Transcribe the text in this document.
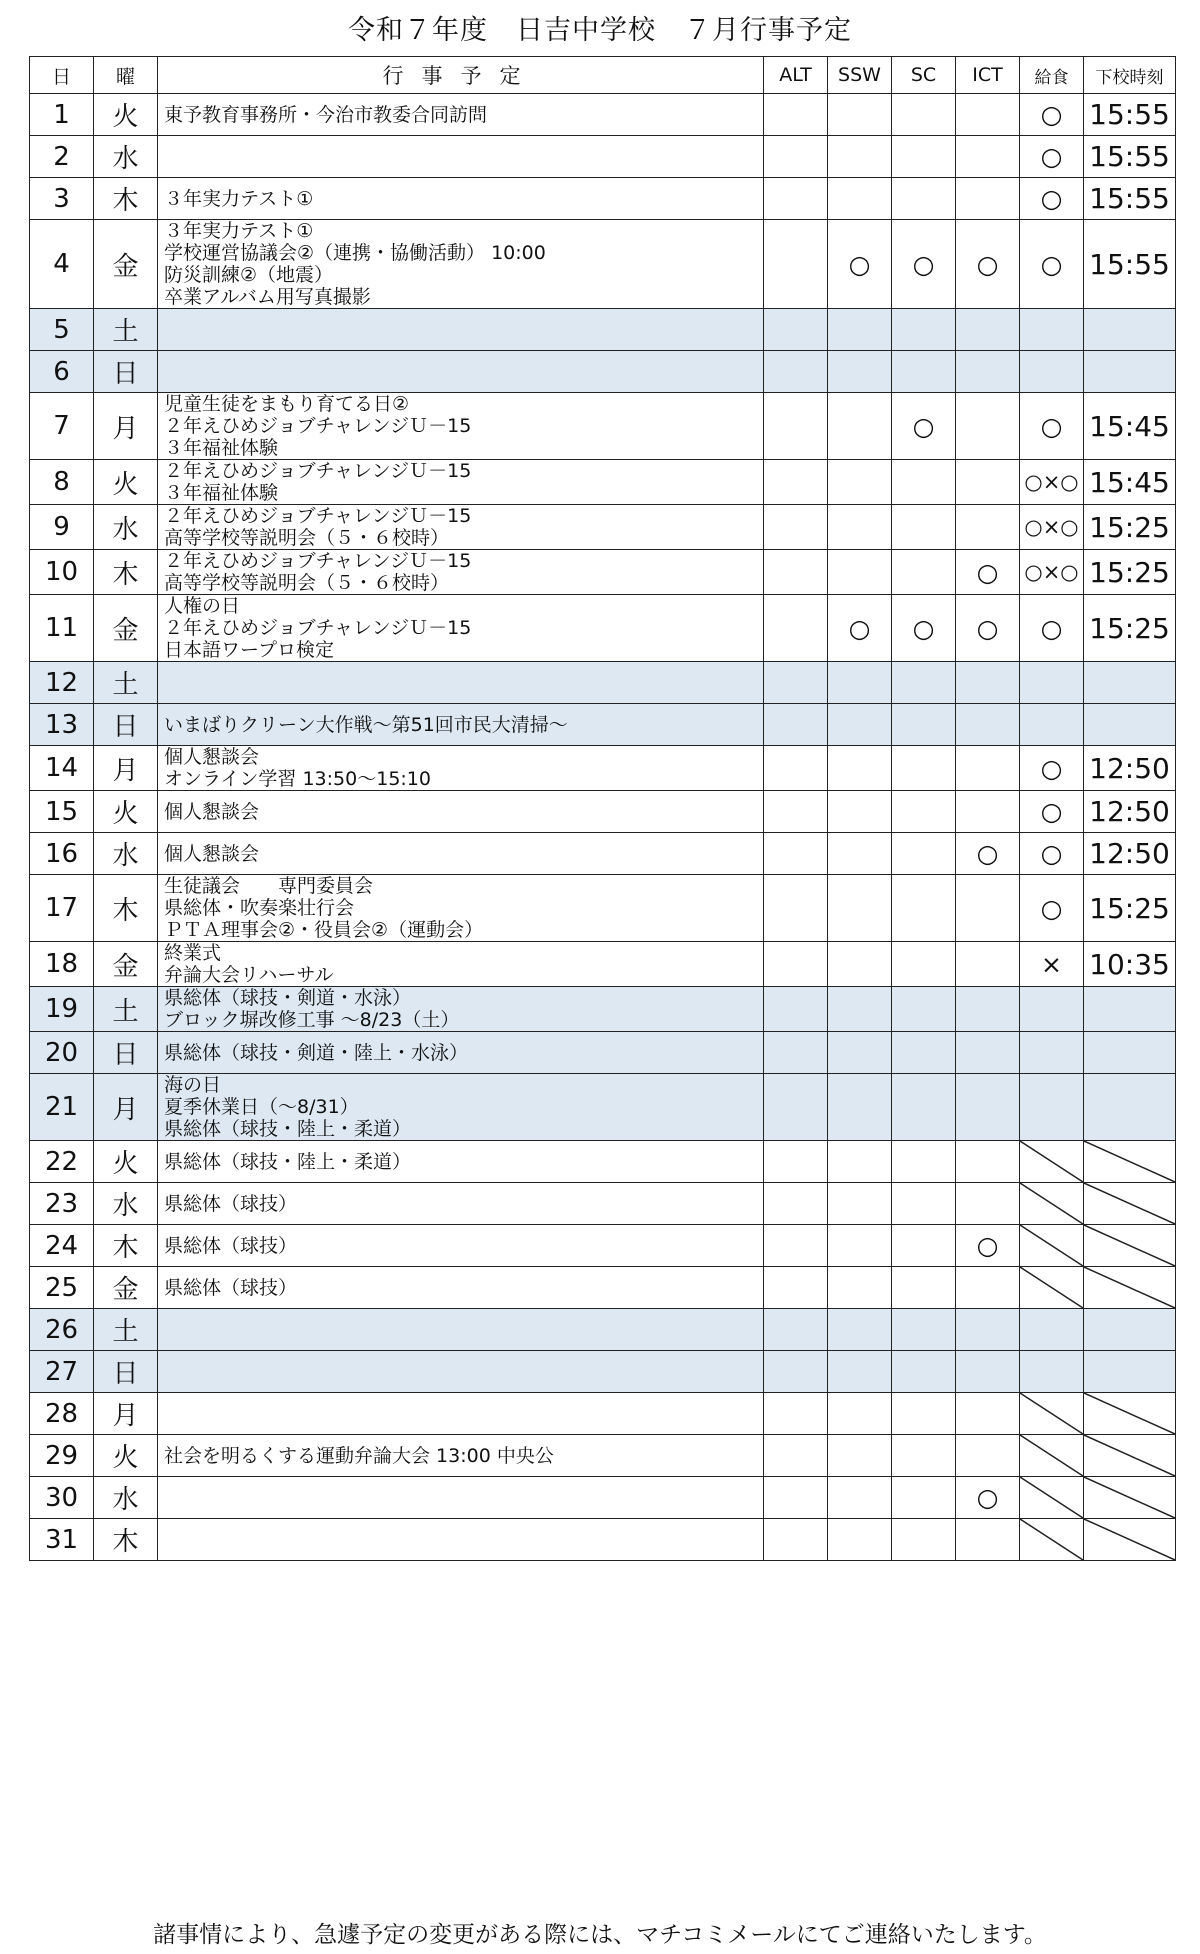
令和７年度　日吉中学校　７月行事予定
日	曜	行事予定	ALT	SSW	SC	ICT	給食	下校時刻
1	火	東予教育事務所・今治市教委合同訪問					○	15:55
2	水						○	15:55
3	木	３年実力テスト①					○	15:55
4	金	３年実力テスト①
学校運営協議会②（連携・協働活動） 10:00
防災訓練②（地震）
卒業アルバム用写真撮影		○	○	○	○	15:55
5	土							
6	日							
7	月	児童生徒をまもり育てる日②
２年えひめジョブチャレンジＵ－15
３年福祉体験			○		○	15:45
8	火	２年えひめジョブチャレンジＵ－15
３年福祉体験					○×○	15:45
9	水	２年えひめジョブチャレンジＵ－15
高等学校等説明会（５・６校時）					○×○	15:25
10	木	２年えひめジョブチャレンジＵ－15
高等学校等説明会（５・６校時）				○	○×○	15:25
11	金	人権の日
２年えひめジョブチャレンジＵ－15
日本語ワープロ検定		○	○	○	○	15:25
12	土							
13	日	いまばりクリーン大作戦～第51回市民大清掃～						

14	月	個人懇談会
オンライン学習 13:50～15:10					○	12:50
15	火	個人懇談会					○	12:50
16	水	個人懇談会				○	○	12:50
17	木	生徒議会　　専門委員会
県総体・吹奏楽壮行会
ＰＴＡ理事会②・役員会②（運動会）					○	15:25
18	金	終業式
弁論大会リハーサル					×	10:35
19	土	県総体（球技・剣道・水泳）
ブロック塀改修工事 ～8/23（土）						

20	日	県総体（球技・剣道・陸上・水泳）						

21	月	海の日
夏季休業日（～8/31）
県総体（球技・陸上・柔道）						

22	火	県総体（球技・陸上・柔道）

23	水	県総体（球技）

24	木	県総体（球技）				○	

25	金	県総体（球技）

26	土							
27	日							
28	月						

29	火	社会を明るくする運動弁論大会 13:00 中央公

30	水					○	

31	木						

諸事情により、急遽予定の変更がある際には、マチコミメールにてご連絡いたします。
